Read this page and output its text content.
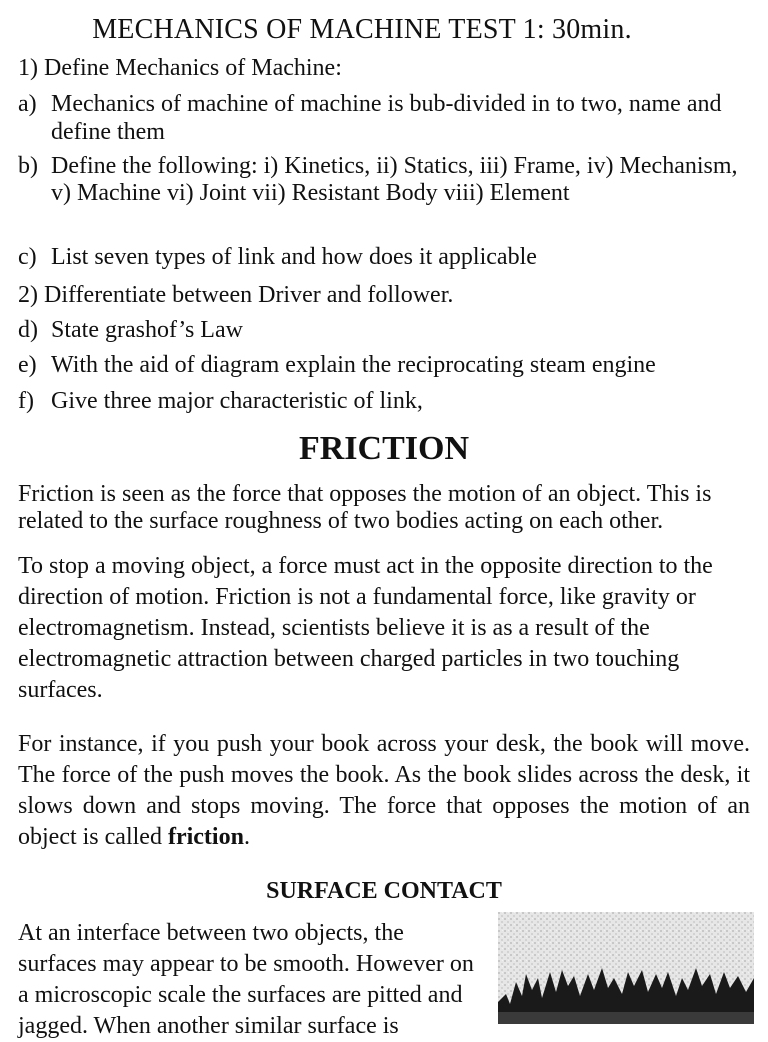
MECHANICS OF MACHINE TEST 1: 30min.
1) Define Mechanics of Machine:
a) Mechanics of machine of machine is bub-divided in to two, name and define them
b) Define the following: i) Kinetics, ii) Statics, iii) Frame, iv) Mechanism, v) Machine vi) Joint vii) Resistant Body viii) Element
c) List seven types of link and how does it applicable
2) Differentiate between Driver and follower.
d) State grashof’s Law
e) With the aid of diagram explain the reciprocating steam engine
f) Give three major characteristic of link,
FRICTION

Friction is seen as the force that opposes the motion of an object. This is related to the surface roughness of two bodies acting on each other.

To stop a moving object, a force must act in the opposite direction to the direction of motion. Friction is not a fundamental force, like gravity or electromagnetism. Instead, scientists believe it is as a result of the electromagnetic attraction between charged particles in two touching surfaces.

For instance, if you push your book across your desk, the book will move. The force of the push moves the book. As the book slides across the desk, it slows down and stops moving. The force that opposes the motion of an object is called friction.

SURFACE CONTACT

At an interface between two objects, the surfaces may appear to be smooth. However on a microscopic scale the surfaces are pitted and jagged. When another similar surface is
